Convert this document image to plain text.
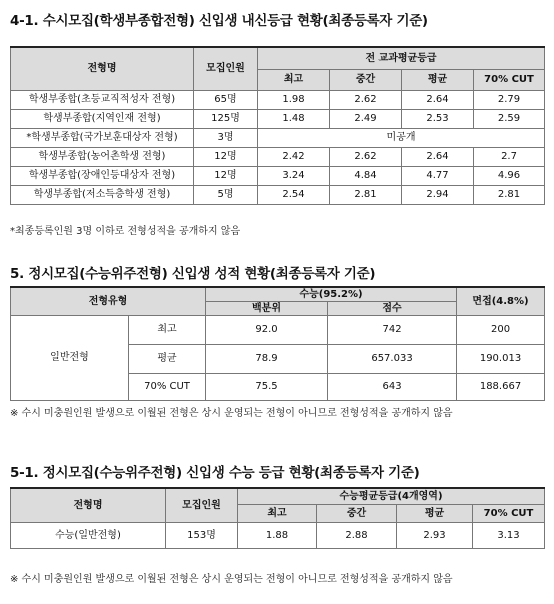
4-1. 수시모집(학생부종합전형) 신입생 내신등급 현황(최종등록자 기준)
전형명	모집인원	전 교과평균등급			
		최고	중간	평균	70% CUT
학생부종합(초등교직적성자 전형)	65명	1.98	2.62	2.64	2.79
학생부종합(지역인재 전형)	125명	1.48	2.49	2.53	2.59
*학생부종합(국가보훈대상자 전형)	3명	미공개			
학생부종합(농어촌학생 전형)	12명	2.42	2.62	2.64	2.7
학생부종합(장애인등대상자 전형)	12명	3.24	4.84	4.77	4.96
학생부종합(저소득층학생 전형)	5명	2.54	2.81	2.94	2.81
*최종등록인원 3명 이하로 전형성적을 공개하지 않음
5. 정시모집(수능위주전형) 신입생 성적 현황(최종등록자 기준)
전형유형		수능(95.2%)		면접(4.8%)
		백분위	점수	
일반전형	최고	92.0	742	200
	평균	78.9	657.033	190.013
	70% CUT	75.5	643	188.667
※ 수시 미충원인원 발생으로 이월된 전형은 상시 운영되는 전형이 아니므로 전형성적을 공개하지 않음
5-1. 정시모집(수능위주전형) 신입생 수능 등급 현황(최종등록자 기준)
전형명	모집인원	수능평균등급(4개영역)			
		최고	중간	평균	70% CUT
수능(일반전형)	153명	1.88	2.88	2.93	3.13
※ 수시 미충원인원 발생으로 이월된 전형은 상시 운영되는 전형이 아니므로 전형성적을 공개하지 않음
